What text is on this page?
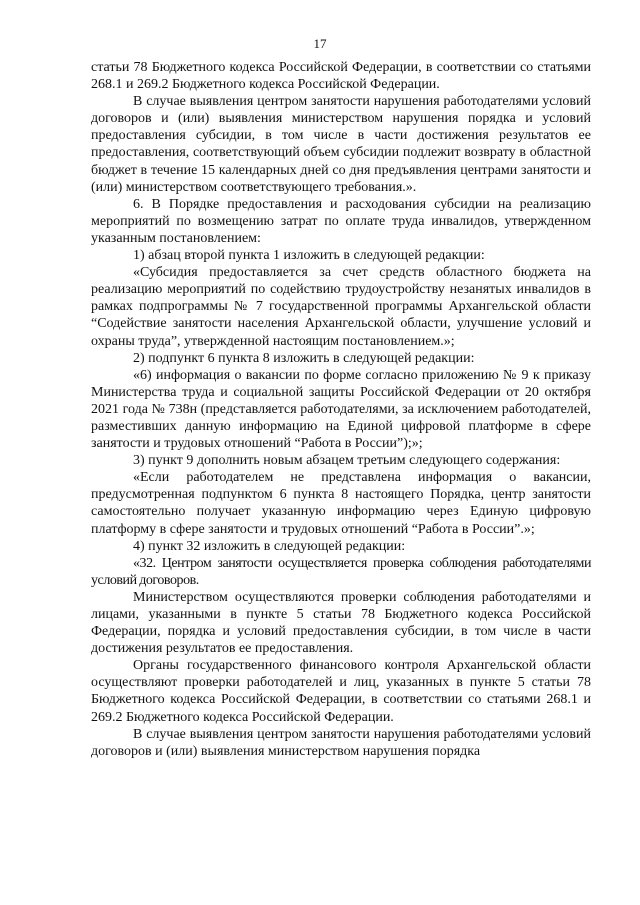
17

статьи 78 Бюджетного кодекса Российской Федерации, в соответствии со статьями 268.1 и 269.2 Бюджетного кодекса Российской Федерации.

В случае выявления центром занятости нарушения работодателями условий договоров и (или) выявления министерством нарушения порядка и условий предоставления субсидии, в том числе в части достижения результатов ее предоставления, соответствующий объем субсидии подлежит возврату в областной бюджет в течение 15 календарных дней со дня предъявления центрами занятости и (или) министерством соответствующего требования.».

6. В Порядке предоставления и расходования субсидии на реализацию мероприятий по возмещению затрат по оплате труда инвалидов, утвержденном указанным постановлением:

1) абзац второй пункта 1 изложить в следующей редакции:

«Субсидия предоставляется за счет средств областного бюджета на реализацию мероприятий по содействию трудоустройству незанятых инвалидов в рамках подпрограммы № 7 государственной программы Архангельской области “Содействие занятости населения Архангельской области, улучшение условий и охраны труда”, утвержденной настоящим постановлением.»;

2) подпункт 6 пункта 8 изложить в следующей редакции:

«6) информация о вакансии по форме согласно приложению № 9 к приказу Министерства труда и социальной защиты Российской Федерации от 20 октября 2021 года № 738н (представляется работодателями, за исключением работодателей, разместивших данную информацию на Единой цифровой платформе в сфере занятости и трудовых отношений “Работа в России”);»;

3) пункт 9 дополнить новым абзацем третьим следующего содержания:

«Если работодателем не представлена информация о вакансии, предусмотренная подпунктом 6 пункта 8 настоящего Порядка, центр занятости самостоятельно получает указанную информацию через Единую цифровую платформу в сфере занятости и трудовых отношений “Работа в России”.»;

4) пункт 32 изложить в следующей редакции:

«32. Центром занятости осуществляется проверка соблюдения работодателями условий договоров.

Министерством осуществляются проверки соблюдения работодателями и лицами, указанными в пункте 5 статьи 78 Бюджетного кодекса Российской Федерации, порядка и условий предоставления субсидии, в том числе в части достижения результатов ее предоставления.

Органы государственного финансового контроля Архангельской области осуществляют проверки работодателей и лиц, указанных в пункте 5 статьи 78 Бюджетного кодекса Российской Федерации, в соответствии со статьями 268.1 и 269.2 Бюджетного кодекса Российской Федерации.

В случае выявления центром занятости нарушения работодателями условий договоров и (или) выявления министерством нарушения порядка
